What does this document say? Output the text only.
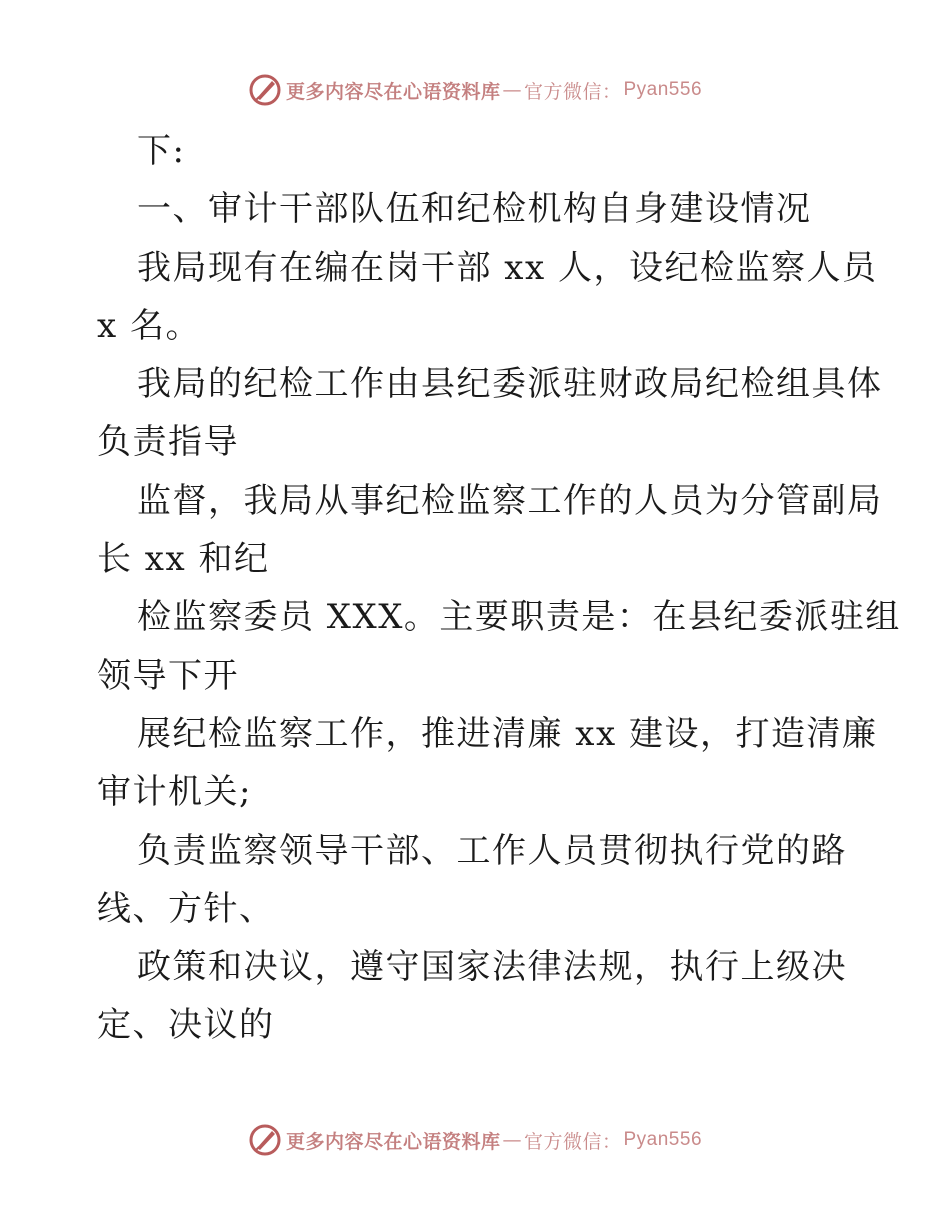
更多内容尽在心语资料库 — 官方微信： Pyan556
下:
一、审计干部队伍和纪检机构自身建设情况
我局现有在编在岗干部 xx 人，设纪检监察人员
x 名。
我局的纪检工作由县纪委派驻财政局纪检组具体
负责指导
监督，我局从事纪检监察工作的人员为分管副局
长 xx 和纪
检监察委员 XXX。主要职责是：在县纪委派驻组
领导下开
展纪检监察工作，推进清廉 xx 建设，打造清廉
审计机关;
负责监察领导干部、工作人员贯彻执行党的路
线、方针、
政策和决议，遵守国家法律法规，执行上级决
定、决议的
更多内容尽在心语资料库 — 官方微信： Pyan556
